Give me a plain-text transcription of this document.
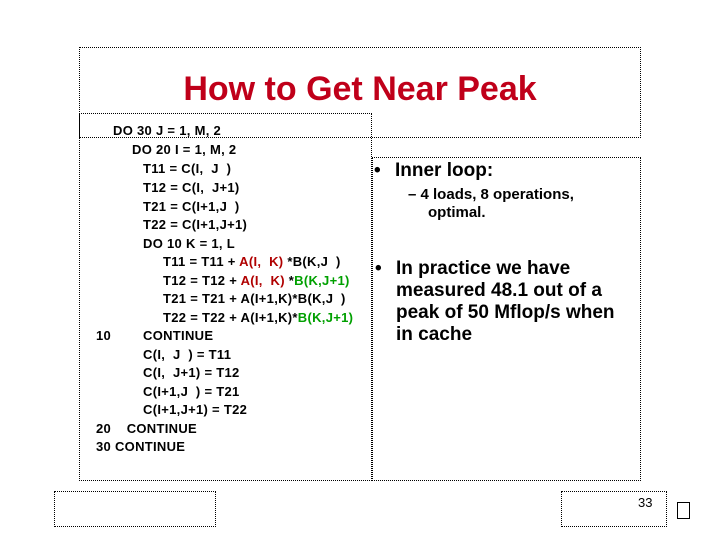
How to Get Near Peak
DO 30 J = 1, M, 2
DO 20 I = 1, M, 2
T11 = C(I,  J  )
T12 = C(I,  J+1)
T21 = C(I+1,J  )
T22 = C(I+1,J+1)
DO 10 K = 1, L
T11 = T11 + A(I,  K) *B(K,J  )
T12 = T12 + A(I,  K) *B(K,J+1)
T21 = T21 + A(I+1,K)*B(K,J  )
T22 = T22 + A(I+1,K)*B(K,J+1)
10 CONTINUE
C(I,  J  ) = T11
C(I,  J+1) = T12
C(I+1,J  ) = T21
C(I+1,J+1) = T22
20    CONTINUE
30 CONTINUE
• Inner loop:
– 4 loads, 8 operations,
optimal.
• In practice we have
measured 48.1 out of a
peak of 50 Mflop/s when
in cache
33
